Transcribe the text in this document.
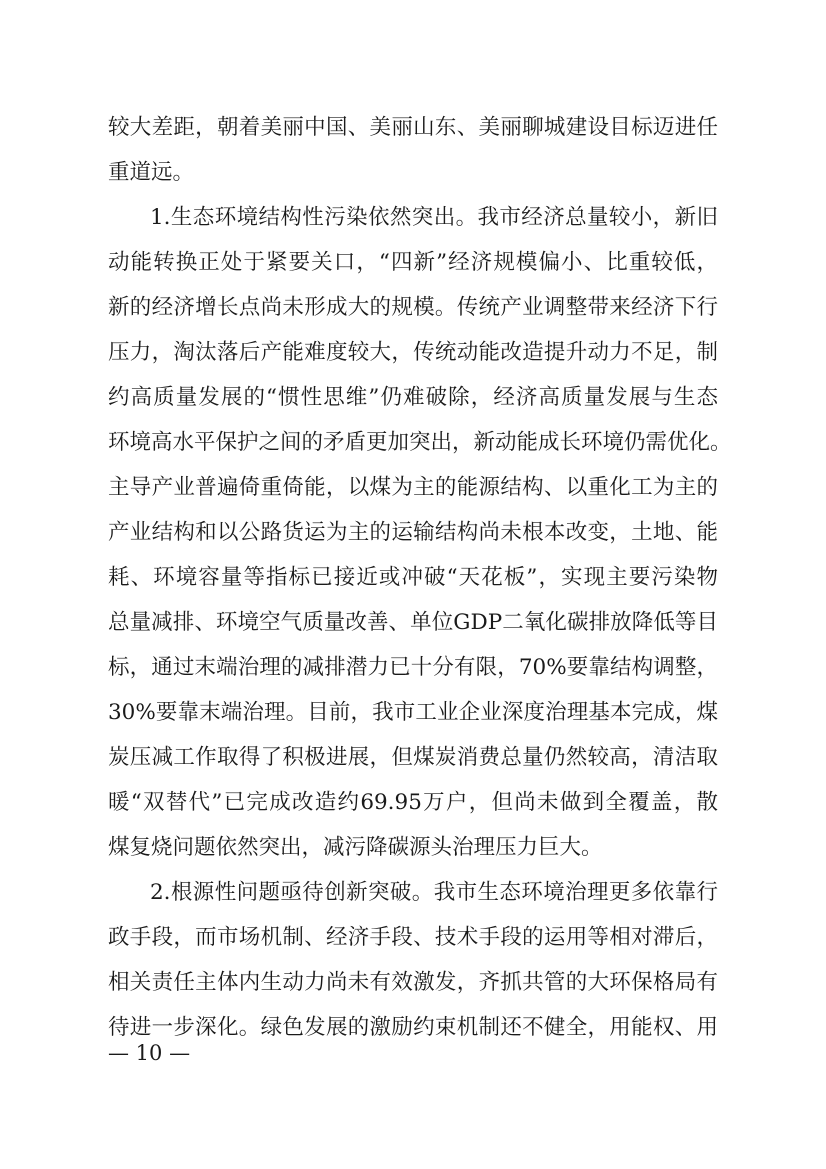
较大差距，朝着美丽中国、美丽山东、美丽聊城建设目标迈进任
重道远。
1.生态环境结构性污染依然突出。我市经济总量较小，新旧
动能转换正处于紧要关口，“四新”经济规模偏小、比重较低，
新的经济增长点尚未形成大的规模。传统产业调整带来经济下行
压力，淘汰落后产能难度较大，传统动能改造提升动力不足，制
约高质量发展的“惯性思维”仍难破除，经济高质量发展与生态
环境高水平保护之间的矛盾更加突出，新动能成长环境仍需优化。
主导产业普遍倚重倚能，以煤为主的能源结构、以重化工为主的
产业结构和以公路货运为主的运输结构尚未根本改变，土地、能
耗、环境容量等指标已接近或冲破“天花板”，实现主要污染物
总量减排、环境空气质量改善、单位GDP二氧化碳排放降低等目
标，通过末端治理的减排潜力已十分有限，70%要靠结构调整，
30%要靠末端治理。目前，我市工业企业深度治理基本完成，煤
炭压减工作取得了积极进展，但煤炭消费总量仍然较高，清洁取
暖“双替代”已完成改造约69.95万户，但尚未做到全覆盖，散
煤复烧问题依然突出，减污降碳源头治理压力巨大。
2.根源性问题亟待创新突破。我市生态环境治理更多依靠行
政手段，而市场机制、经济手段、技术手段的运用等相对滞后，
相关责任主体内生动力尚未有效激发，齐抓共管的大环保格局有
待进一步深化。绿色发展的激励约束机制还不健全，用能权、用
— 10 —
